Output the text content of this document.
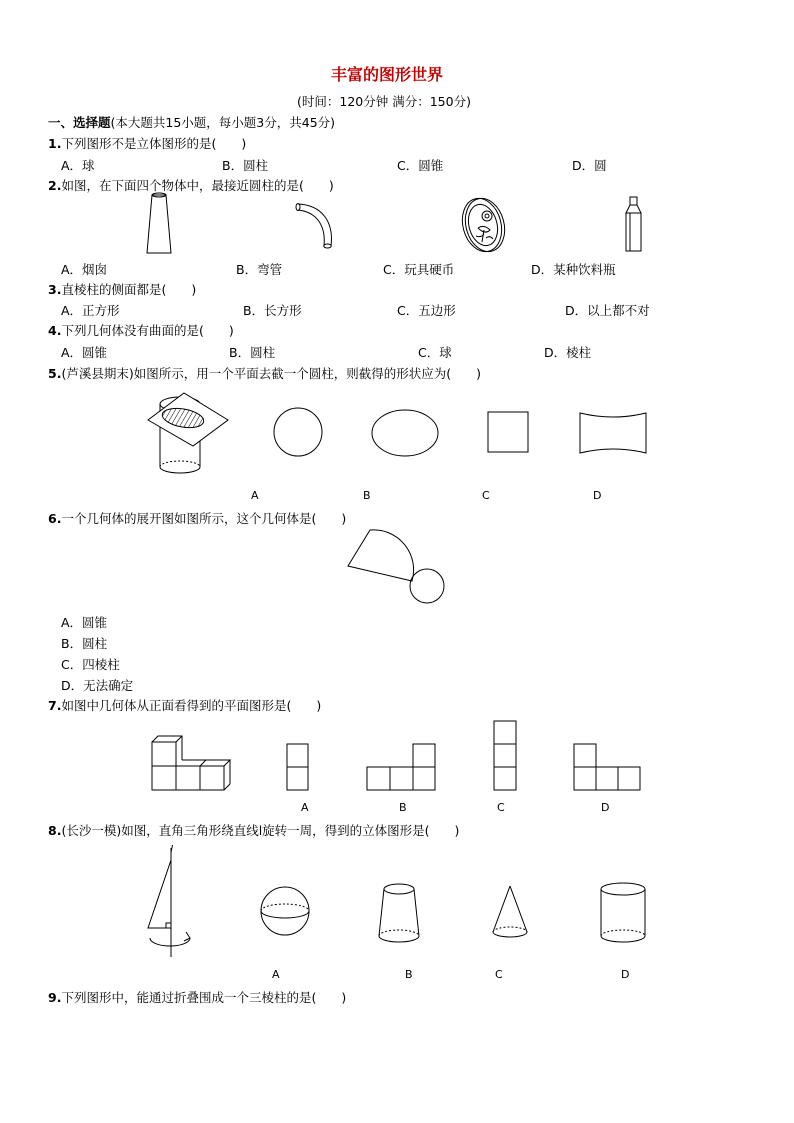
丰富的图形世界
(时间：120分钟 满分：150分)
一、选择题(本大题共15小题，每小题3分，共45分)
1.下列图形不是立体图形的是(　　)
A．球	B．圆柱	C．圆锥	D．圆
2.如图，在下面四个物体中，最接近圆柱的是(　　)
A．烟囱	B．弯管	C．玩具硬币	D．某种饮料瓶
3.直棱柱的侧面都是(　　)
A．正方形	B．长方形	C．五边形	D．以上都不对
4.下列几何体没有曲面的是(　　)
A．圆锥	B．圆柱	C．球	D．棱柱
5.(芦溪县期末)如图所示，用一个平面去截一个圆柱，则截得的形状应为(　　)
A	B	C	D
6.一个几何体的展开图如图所示，这个几何体是(　　)
A．圆锥
B．圆柱
C．四棱柱
D．无法确定
7.如图中几何体从正面看得到的平面图形是(　　)
A	B	C	D
8.(长沙一模)如图，直角三角形绕直线l旋转一周，得到的立体图形是(　　)
l
A	B	C	D
9.下列图形中，能通过折叠围成一个三棱柱的是(　　)
